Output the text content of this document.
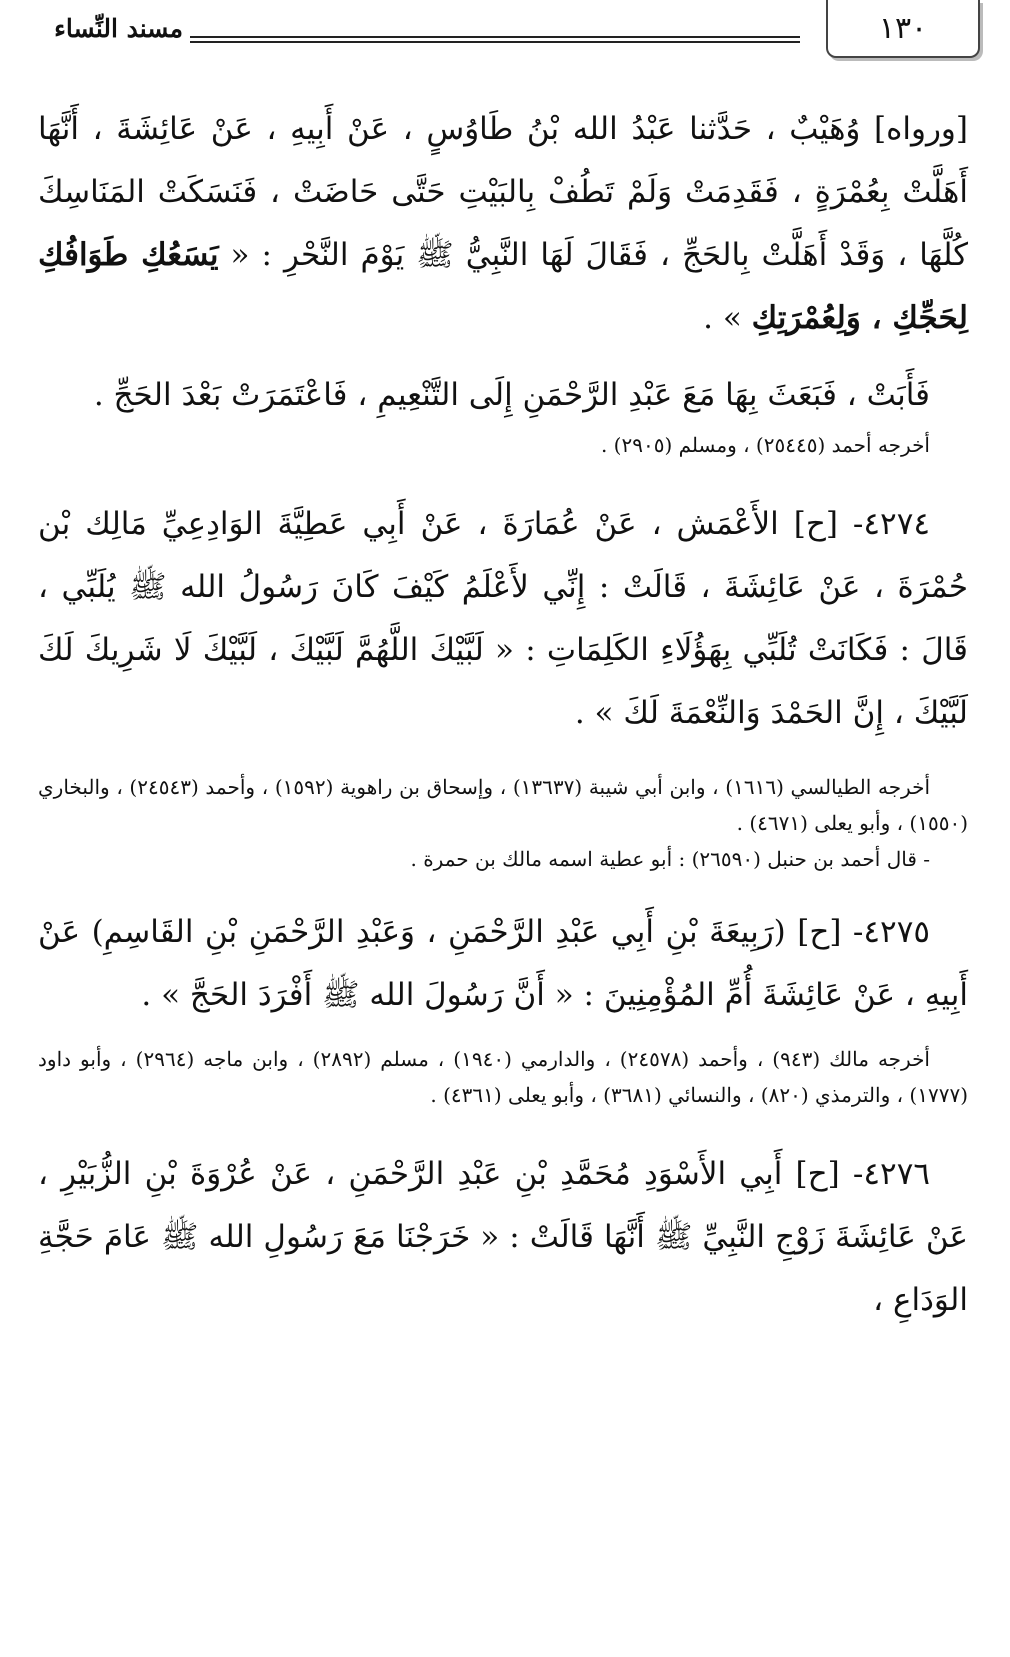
١٣٠
مسند النِّساء

[ورواه] وُهَيْبٌ ، حَدَّثنا عَبْدُ الله بْنُ طَاوُسٍ ، عَنْ أَبِيهِ ، عَنْ عَائِشَةَ ، أَنَّهَا أَهَلَّتْ بِعُمْرَةٍ ، فَقَدِمَتْ وَلَمْ تَطُفْ بِالبَيْتِ حَتَّى حَاضَتْ ، فَنَسَكَتْ المَنَاسِكَ كُلَّهَا ، وَقَدْ أَهَلَّتْ بِالحَجِّ ، فَقَالَ لَهَا النَّبِيُّ ﷺ يَوْمَ النَّحْرِ : « يَسَعُكِ طَوَافُكِ لِحَجِّكِ ، وَلِعُمْرَتِكِ » .

فَأَبَتْ ، فَبَعَثَ بِهَا مَعَ عَبْدِ الرَّحْمَنِ إِلَى التَّنْعِيمِ ، فَاعْتَمَرَتْ بَعْدَ الحَجِّ .

أخرجه أحمد (٢٥٤٤٥) ، ومسلم (٢٩٠٥) .

٤٢٧٤- [ح] الأَعْمَش ، عَنْ عُمَارَةَ ، عَنْ أَبِي عَطِيَّةَ الوَادِعِيِّ مَالِك بْن حُمْرَةَ ، عَنْ عَائِشَةَ ، قَالَتْ : إِنِّي لأَعْلَمُ كَيْفَ كَانَ رَسُولُ الله ﷺ يُلَبِّي ، قَالَ : فَكَانَتْ تُلَبِّي بِهَؤُلَاءِ الكَلِمَاتِ : « لَبَّيْكَ اللَّهُمَّ لَبَّيْكَ ، لَبَّيْكَ لَا شَرِيكَ لَكَ لَبَّيْكَ ، إِنَّ الحَمْدَ وَالنِّعْمَةَ لَكَ » .

أخرجه الطيالسي (١٦١٦) ، وابن أبي شيبة (١٣٦٣٧) ، وإسحاق بن راهوية (١٥٩٢) ، وأحمد (٢٤٥٤٣) ، والبخاري (١٥٥٠) ، وأبو يعلى (٤٦٧١) .

- قال أحمد بن حنبل (٢٦٥٩٠) : أبو عطية اسمه مالك بن حمرة .

٤٢٧٥- [ح] (رَبِيعَةَ بْنِ أَبِي عَبْدِ الرَّحْمَنِ ، وَعَبْدِ الرَّحْمَنِ بْنِ القَاسِمِ) عَنْ أَبِيهِ ، عَنْ عَائِشَةَ أُمِّ المُؤْمِنِينَ : « أَنَّ رَسُولَ الله ﷺ أَفْرَدَ الحَجَّ » .

أخرجه مالك (٩٤٣) ، وأحمد (٢٤٥٧٨) ، والدارمي (١٩٤٠) ، مسلم (٢٨٩٢) ، وابن ماجه (٢٩٦٤) ، وأبو داود (١٧٧٧) ، والترمذي (٨٢٠) ، والنسائي (٣٦٨١) ، وأبو يعلى (٤٣٦١) .

٤٢٧٦- [ح] أَبِي الأَسْوَدِ مُحَمَّدِ بْنِ عَبْدِ الرَّحْمَنِ ، عَنْ عُرْوَةَ بْنِ الزُّبَيْرِ ، عَنْ عَائِشَةَ زَوْجِ النَّبِيِّ ﷺ أَنَّهَا قَالَتْ : « خَرَجْنَا مَعَ رَسُولِ الله ﷺ عَامَ حَجَّةِ الوَدَاعِ ،
